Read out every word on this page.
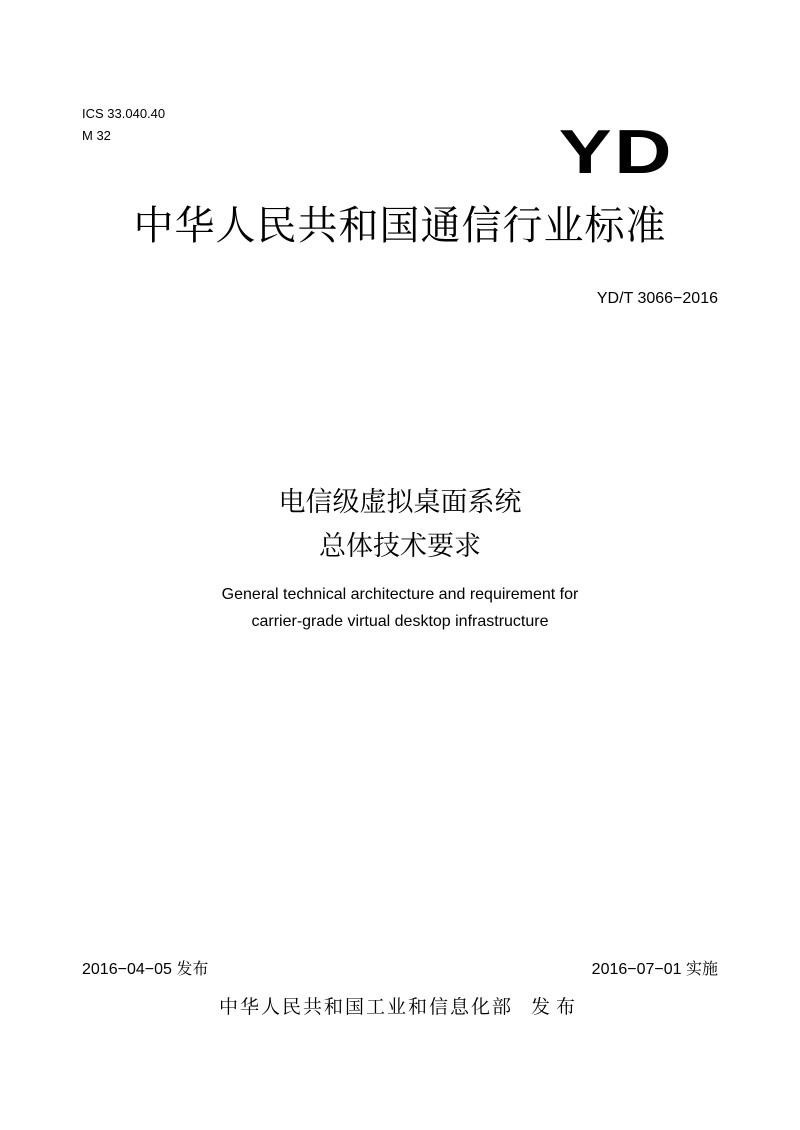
ICS 33.040.40
M 32	YD
中华人民共和国通信行业标准
YD/T 3066−2016
电信级虚拟桌面系统
总体技术要求
General technical architecture and requirement for
carrier-grade virtual desktop infrastructure
2016−04−05 发布	2016−07−01 实施
中华人民共和国工业和信息化部 发布
